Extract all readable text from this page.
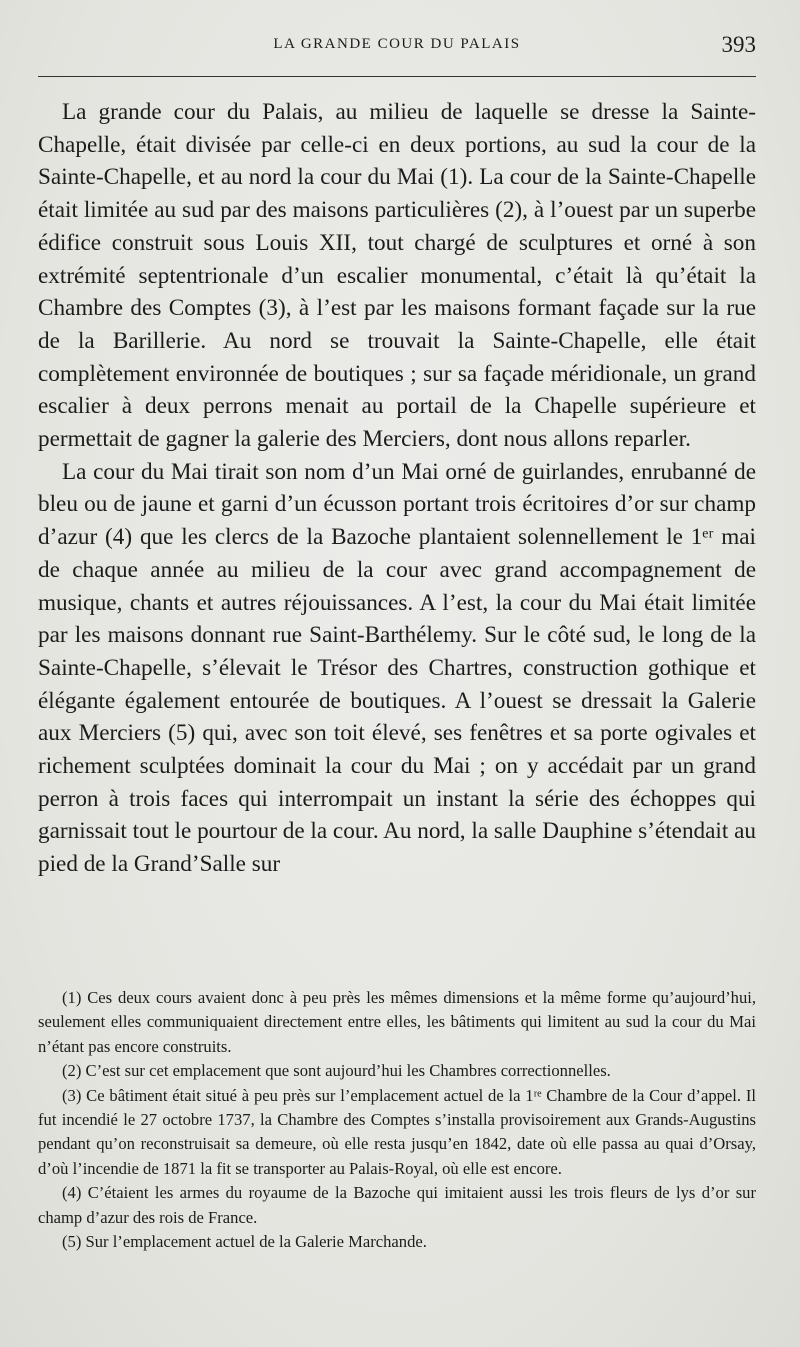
LA GRANDE COUR DU PALAIS	393

La grande cour du Palais, au milieu de laquelle se dresse la Sainte-Chapelle, était divisée par celle-ci en deux portions, au sud la cour de la Sainte-Chapelle, et au nord la cour du Mai (1). La cour de la Sainte-Chapelle était limitée au sud par des maisons particulières (2), à l’ouest par un superbe édifice construit sous Louis XII, tout chargé de sculptures et orné à son extrémité septentrionale d’un escalier monumental, c’était là qu’était la Chambre des Comptes (3), à l’est par les maisons formant façade sur la rue de la Barillerie. Au nord se trouvait la Sainte-Chapelle, elle était complètement environnée de boutiques ; sur sa façade méridionale, un grand escalier à deux perrons menait au portail de la Chapelle supérieure et permettait de gagner la galerie des Merciers, dont nous allons reparler.

La cour du Mai tirait son nom d’un Mai orné de guirlandes, enrubanné de bleu ou de jaune et garni d’un écusson portant trois écritoires d’or sur champ d’azur (4) que les clercs de la Bazoche plantaient solennellement le 1ᵉʳ mai de chaque année au milieu de la cour avec grand accompagnement de musique, chants et autres réjouissances. A l’est, la cour du Mai était limitée par les maisons donnant rue Saint-Barthélemy. Sur le côté sud, le long de la Sainte-Chapelle, s’élevait le Trésor des Chartres, construction gothique et élégante également entourée de boutiques. A l’ouest se dressait la Galerie aux Merciers (5) qui, avec son toit élevé, ses fenêtres et sa porte ogivales et richement sculptées dominait la cour du Mai ; on y accédait par un grand perron à trois faces qui interrompait un instant la série des échoppes qui garnissait tout le pourtour de la cour. Au nord, la salle Dauphine s’étendait au pied de la Grand’Salle sur

(1) Ces deux cours avaient donc à peu près les mêmes dimensions et la même forme qu’aujourd’hui, seulement elles communiquaient directement entre elles, les bâtiments qui limitent au sud la cour du Mai n’étant pas encore construits.

(2) C’est sur cet emplacement que sont aujourd’hui les Chambres correctionnelles.

(3) Ce bâtiment était situé à peu près sur l’emplacement actuel de la 1ʳᵉ Chambre de la Cour d’appel. Il fut incendié le 27 octobre 1737, la Chambre des Comptes s’installa provisoirement aux Grands-Augustins pendant qu’on reconstruisait sa demeure, où elle resta jusqu’en 1842, date où elle passa au quai d’Orsay, d’où l’incendie de 1871 la fit se transporter au Palais-Royal, où elle est encore.

(4) C’étaient les armes du royaume de la Bazoche qui imitaient aussi les trois fleurs de lys d’or sur champ d’azur des rois de France.

(5) Sur l’emplacement actuel de la Galerie Marchande.
